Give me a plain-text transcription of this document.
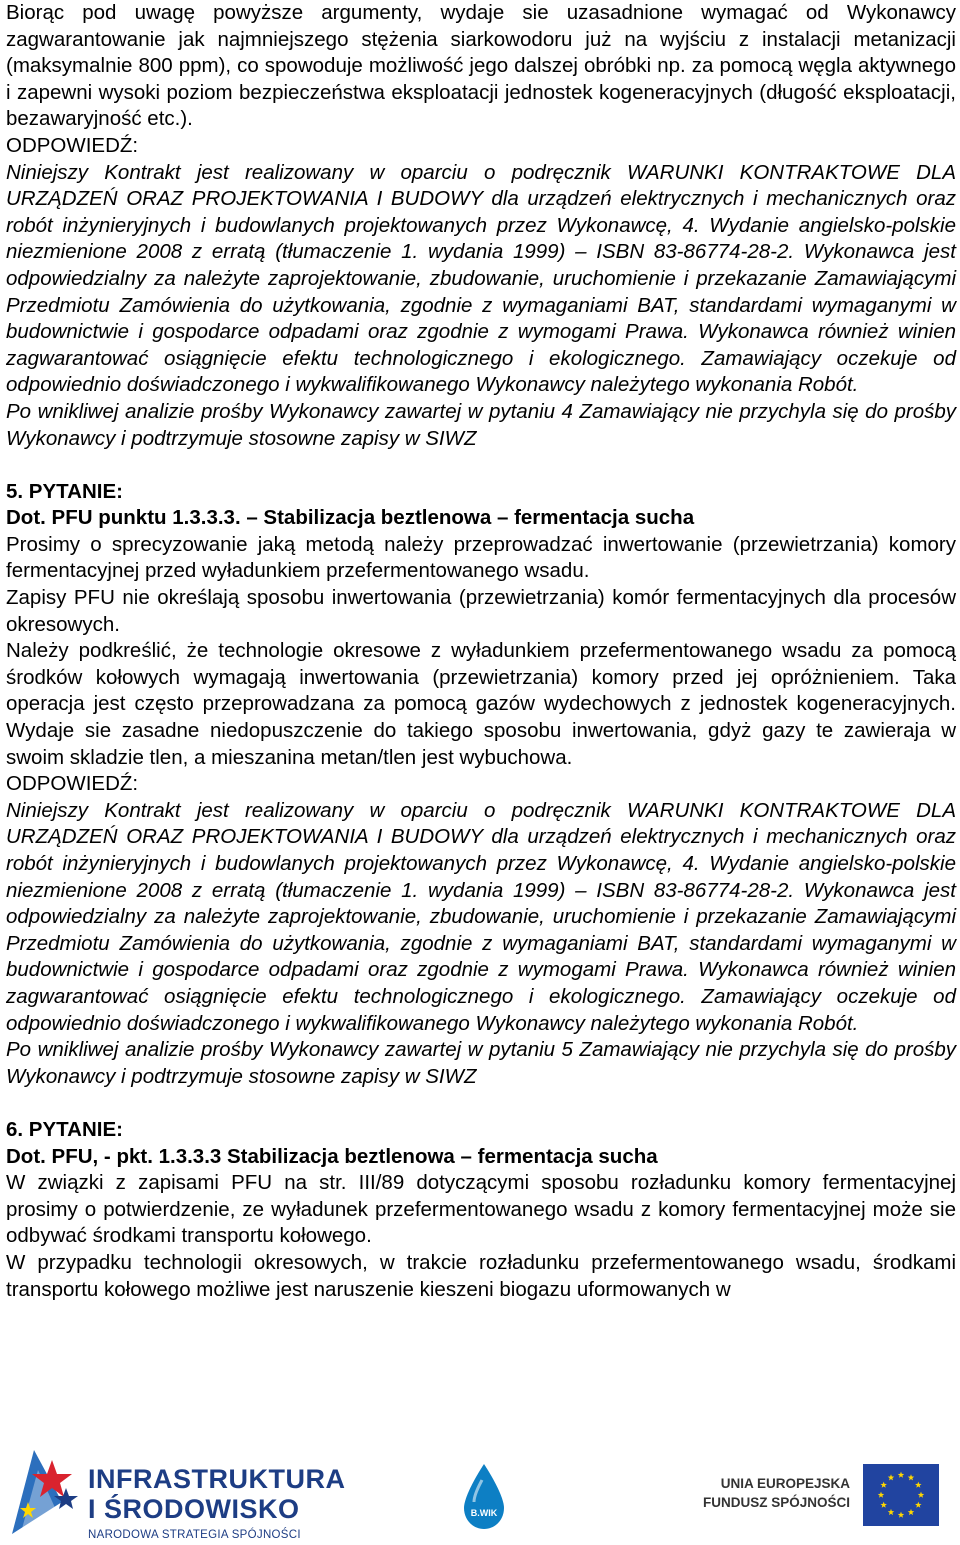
Biorąc pod uwagę powyższe argumenty, wydaje sie uzasadnione wymagać od Wykonawcy zagwarantowanie jak najmniejszego stężenia siarkowodoru już na wyjściu z instalacji metanizacji (maksymalnie 800 ppm), co spowoduje możliwość jego dalszej obróbki np. za pomocą węgla aktywnego i zapewni wysoki poziom bezpieczeństwa eksploatacji jednostek kogeneracyjnych (długość eksploatacji, bezawaryjność etc.).

ODPOWIEDŹ:

Niniejszy Kontrakt jest realizowany w oparciu o podręcznik WARUNKI KONTRAKTOWE DLA URZĄDZEŃ ORAZ PROJEKTOWANIA I BUDOWY dla urządzeń elektrycznych i mechanicznych oraz robót inżynieryjnych i budowlanych projektowanych przez Wykonawcę, 4. Wydanie angielsko-polskie niezmienione 2008 z erratą (tłumaczenie 1. wydania 1999) – ISBN 83-86774-28-2. Wykonawca jest odpowiedzialny za należyte zaprojektowanie, zbudowanie, uruchomienie i przekazanie Zamawiającymi Przedmiotu Zamówienia do użytkowania, zgodnie z wymaganiami BAT, standardami wymaganymi w budownictwie i gospodarce odpadami oraz zgodnie z wymogami Prawa. Wykonawca również winien zagwarantować osiągnięcie efektu technologicznego i ekologicznego. Zamawiający oczekuje od odpowiednio doświadczonego i wykwalifikowanego Wykonawcy należytego wykonania Robót.

Po wnikliwej analizie prośby Wykonawcy zawartej w pytaniu 4 Zamawiający nie przychyla się do prośby Wykonawcy i podtrzymuje stosowne zapisy w SIWZ

5. PYTANIE:

Dot. PFU punktu 1.3.3.3. – Stabilizacja beztlenowa – fermentacja sucha

Prosimy o sprecyzowanie jaką metodą należy przeprowadzać inwertowanie (przewietrzania) komory fermentacyjnej przed wyładunkiem przefermentowanego wsadu.

Zapisy PFU nie określają sposobu inwertowania (przewietrzania) komór fermentacyjnych dla procesów okresowych.

Należy podkreślić, że technologie okresowe z wyładunkiem przefermentowanego wsadu za pomocą środków kołowych wymagają inwertowania (przewietrzania) komory przed jej opróżnieniem. Taka operacja jest często przeprowadzana za pomocą gazów wydechowych z jednostek kogeneracyjnych. Wydaje sie zasadne niedopuszczenie do takiego sposobu inwertowania, gdyż gazy te zawieraja w swoim skladzie tlen, a mieszanina metan/tlen jest wybuchowa.

ODPOWIEDŹ:

Niniejszy Kontrakt jest realizowany w oparciu o podręcznik WARUNKI KONTRAKTOWE DLA URZĄDZEŃ ORAZ PROJEKTOWANIA I BUDOWY dla urządzeń elektrycznych i mechanicznych oraz robót inżynieryjnych i budowlanych projektowanych przez Wykonawcę, 4. Wydanie angielsko-polskie niezmienione 2008 z erratą (tłumaczenie 1. wydania 1999) – ISBN 83-86774-28-2. Wykonawca jest odpowiedzialny za należyte zaprojektowanie, zbudowanie, uruchomienie i przekazanie Zamawiającymi Przedmiotu Zamówienia do użytkowania, zgodnie z wymaganiami BAT, standardami wymaganymi w budownictwie i gospodarce odpadami oraz zgodnie z wymogami Prawa. Wykonawca również winien zagwarantować osiągnięcie efektu technologicznego i ekologicznego. Zamawiający oczekuje od odpowiednio doświadczonego i wykwalifikowanego Wykonawcy należytego wykonania Robót.

Po wnikliwej analizie prośby Wykonawcy zawartej w pytaniu 5 Zamawiający nie przychyla się do prośby Wykonawcy i podtrzymuje stosowne zapisy w SIWZ

6. PYTANIE:

Dot. PFU, - pkt. 1.3.3.3 Stabilizacja beztlenowa – fermentacja sucha

W związki z zapisami PFU na str. III/89 dotyczącymi sposobu rozładunku komory fermentacyjnej prosimy o potwierdzenie, ze wyładunek przefermentowanego wsadu z komory fermentacyjnej może sie odbywać środkami transportu kołowego.

W przypadku technologii okresowych, w trakcie rozładunku przefermentowanego wsadu, środkami transportu kołowego możliwe jest naruszenie kieszeni biogazu uformowanych w

INFRASTRUKTURA
I ŚRODOWISKO
NARODOWA STRATEGIA SPÓJNOŚCI
B.WIK
UNIA EUROPEJSKA
FUNDUSZ SPÓJNOŚCI
